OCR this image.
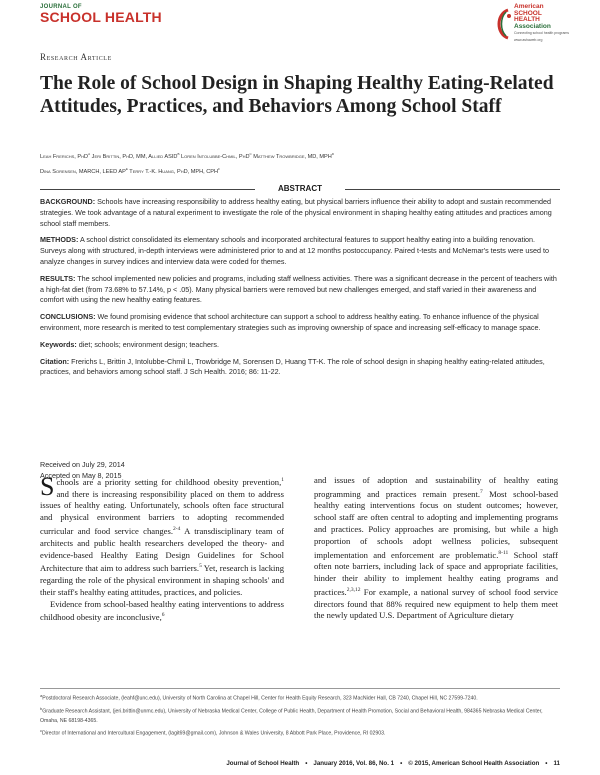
JOURNAL OF
SCHOOL HEALTH
American
SCHOOL
HEALTH
Association
Connecting school health programs
www.ashaweb.org
Research Article
The Role of School Design in Shaping Healthy Eating-Related Attitudes, Practices, and Behaviors Among School Staff
Leah Frerichs, PhD$^a$ Jeri Brittin, PhD, MM, Allied ASID$^b$ Loren Intolubbe-Chmil, PhD$^c$ Matthew Trowbridge, MD, MPH$^d$
Dina Sorensen, MARCH, LEED $AP^e$ Terry T.-K. Huang, PhD, MPH, CPH$^f$
ABSTRACT

BACKGROUND: Schools have increasing responsibility to address healthy eating, but physical barriers influence their ability to adopt and sustain recommended strategies. We took advantage of a natural experiment to investigate the role of the physical environment in shaping healthy eating attitudes and practices among school staff members.

METHODS: A school district consolidated its elementary schools and incorporated architectural features to support healthy eating into a building renovation. Surveys along with structured, in-depth interviews were administered prior to and at 12 months postoccupancy. Paired t-tests and McNemar's tests were used to analyze changes in survey indices and interview data were coded for themes.

RESULTS: The school implemented new policies and programs, including staff wellness activities. There was a significant decrease in the percent of teachers with a high-fat diet (from 73.68% to 57.14%, p < .05). Many physical barriers were removed but new challenges emerged, and staff varied in their awareness and comfort with using the new healthy eating features.

CONCLUSIONS: We found promising evidence that school architecture can support a school to address healthy eating. To enhance influence of the physical environment, more research is merited to test complementary strategies such as improving ownership of space and increasing self-efficacy to manage space.

Keywords: diet; schools; environment design; teachers.

Citation: Frerichs L, Brittin J, Intolubbe-Chmil L, Trowbridge M, Sorensen D, Huang TT-K. The role of school design in shaping healthy eating-related attitudes, practices, and behaviors among school staff. J Sch Health. 2016; 86: 11-22.

Received on July 29, 2014
Accepted on May 8, 2015

Schools are a priority setting for childhood obesity prevention,$^1$ and there is increasing responsibility placed on them to address issues of healthy eating. Unfortunately, schools often face structural and physical environment barriers to adopting recommended curricular and food service changes.$^{2-4}$ A transdisciplinary team of architects and public health researchers developed the theory- and evidence-based Healthy Eating Design Guidelines for School Architecture that aim to address such barriers.$^5$ Yet, research is lacking regarding the role of the physical environment in shaping schools' and their staff's healthy eating attitudes, practices, and policies.

Evidence from school-based healthy eating interventions to address childhood obesity are inconclusive,$^6$

and issues of adoption and sustainability of healthy eating programming and practices remain present.$^7$ Most school-based healthy eating interventions focus on student outcomes; however, school staff are often central to adopting and implementing programs and practices. Policy approaches are promising, but while a high proportion of schools adopt wellness policies, subsequent implementation and enforcement are problematic.$^{8-11}$ School staff often note barriers, including lack of space and appropriate facilities, hinder their ability to implement healthy eating programs and practices.$^{2,3,12}$ For example, a national survey of school food service directors found that 88% required new equipment to help them meet the newly updated U.S. Department of Agriculture dietary

$^a$Postdoctoral Research Associate, (leahf@unc.edu), University of North Carolina at Chapel Hill, Center for Health Equity Research, 323 MacNider Hall, CB 7240, Chapel Hill, NC 27599-7240.
$^b$Graduate Research Assistant, (jeri.brittin@unmc.edu), University of Nebraska Medical Center, College of Public Health, Department of Health Promotion, Social and Behavioral Health, 984365 Nebraska Medical Center, Omaha, NE 68198-4365.
$^c$Director of International and Intercultural Engagement, (lagit69@gmail.com), Johnson & Wales University, 8 Abbott Park Place, Providence, RI 02903.
Journal of School Health • January 2016, Vol. 86, No. 1 • © 2015, American School Health Association • 11
